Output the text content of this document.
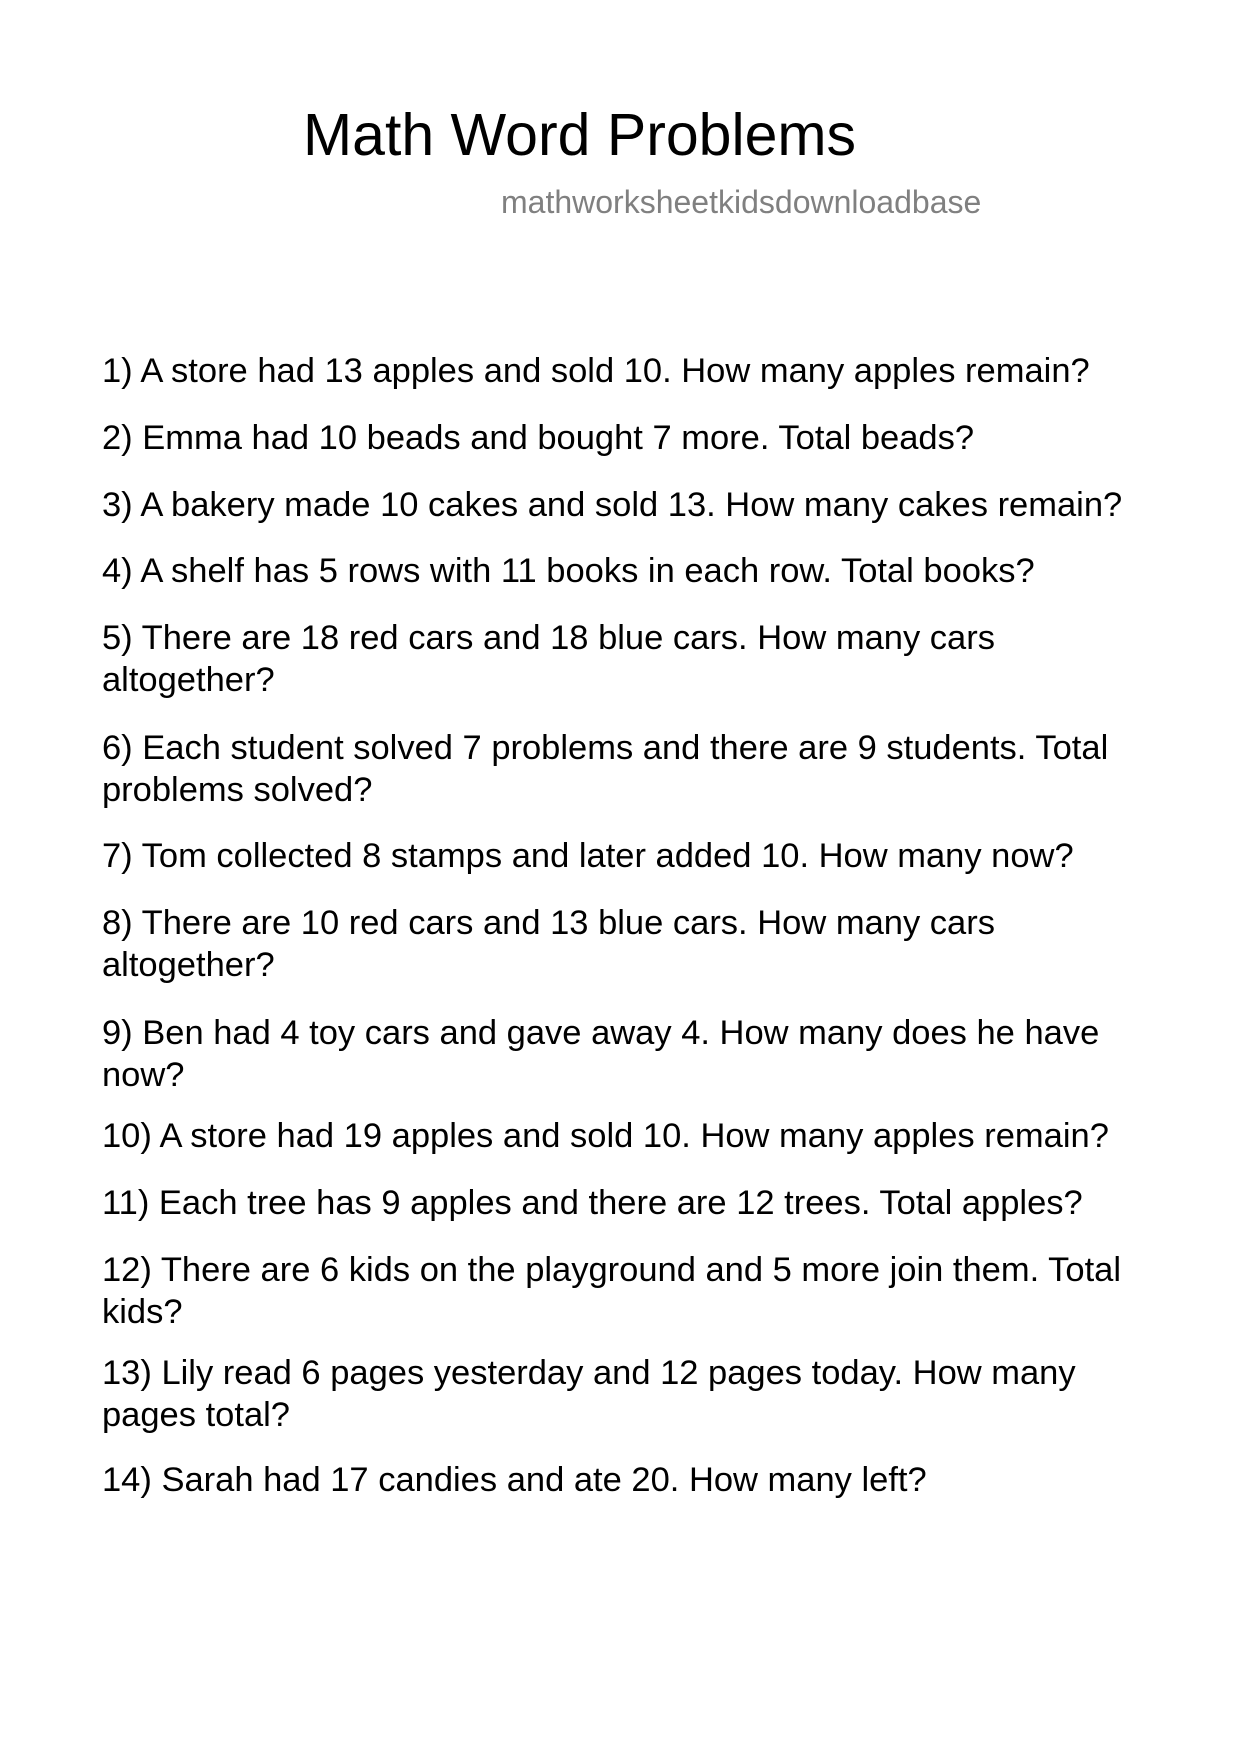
Math Word Problems
mathworksheetkidsdownloadbase
1) A store had 13 apples and sold 10. How many apples remain?
2) Emma had 10 beads and bought 7 more. Total beads?
3) A bakery made 10 cakes and sold 13. How many cakes remain?
4) A shelf has 5 rows with 11 books in each row. Total books?
5) There are 18 red cars and 18 blue cars. How many cars
altogether?
6) Each student solved 7 problems and there are 9 students. Total
problems solved?
7) Tom collected 8 stamps and later added 10. How many now?
8) There are 10 red cars and 13 blue cars. How many cars
altogether?
9) Ben had 4 toy cars and gave away 4. How many does he have
now?
10) A store had 19 apples and sold 10. How many apples remain?
11) Each tree has 9 apples and there are 12 trees. Total apples?
12) There are 6 kids on the playground and 5 more join them. Total
kids?
13) Lily read 6 pages yesterday and 12 pages today. How many
pages total?
14) Sarah had 17 candies and ate 20. How many left?
